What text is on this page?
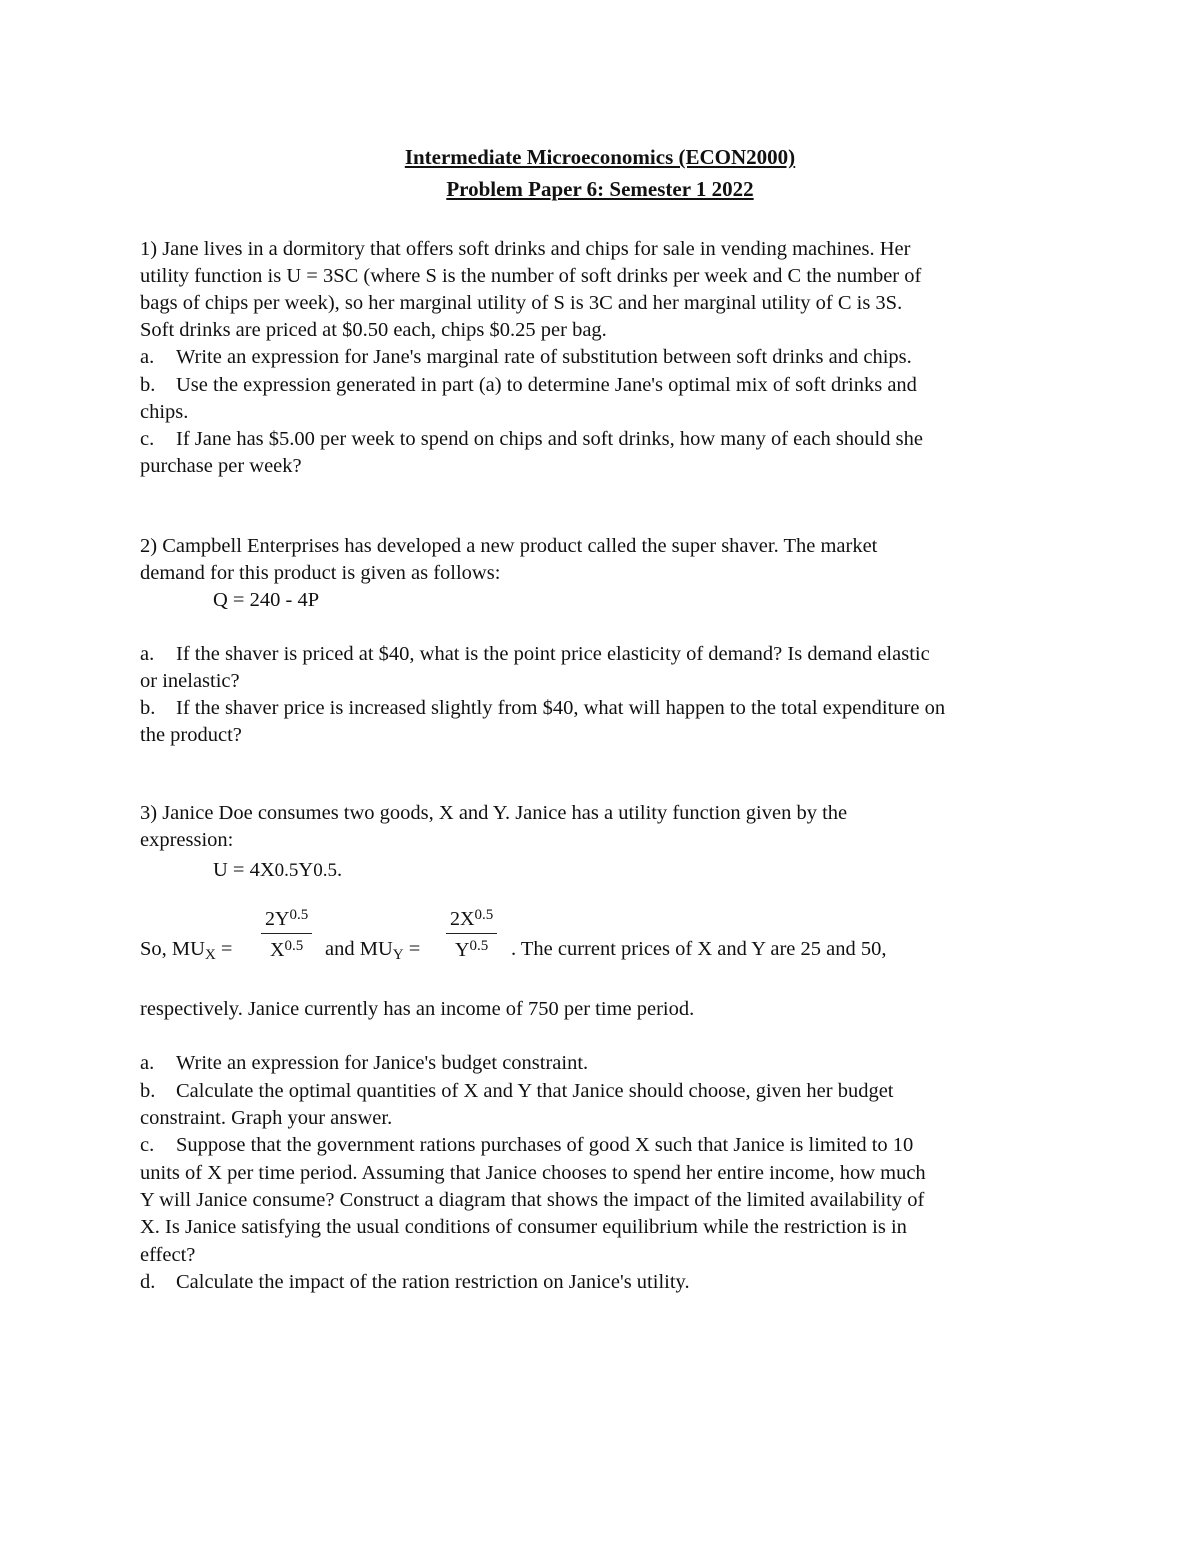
Intermediate Microeconomics (ECON2000)
Problem Paper 6: Semester 1 2022
1) Jane lives in a dormitory that offers soft drinks and chips for sale in vending machines. Her
utility function is U = 3SC (where S is the number of soft drinks per week and C the number of
bags of chips per week), so her marginal utility of S is 3C and her marginal utility of C is 3S.
Soft drinks are priced at $0.50 each, chips $0.25 per bag.
a. Write an expression for Jane's marginal rate of substitution between soft drinks and chips.
b. Use the expression generated in part (a) to determine Jane's optimal mix of soft drinks and
chips.
c. If Jane has $5.00 per week to spend on chips and soft drinks, how many of each should she
purchase per week?
2) Campbell Enterprises has developed a new product called the super shaver. The market
demand for this product is given as follows:
Q = 240 - 4P
a. If the shaver is priced at $40, what is the point price elasticity of demand? Is demand elastic
or inelastic?
b. If the shaver price is increased slightly from $40, what will happen to the total expenditure on
the product?
3) Janice Doe consumes two goods, X and Y. Janice has a utility function given by the
expression:
U = 4X0.5Y0.5.
So, $MU_X = \frac{2Y^{0.5}}{X^{0.5}}$ and $MU_Y = \frac{2X^{0.5}}{Y^{0.5}}$ . The current prices of X and Y are 25 and 50,
respectively. Janice currently has an income of 750 per time period.
a. Write an expression for Janice's budget constraint.
b. Calculate the optimal quantities of X and Y that Janice should choose, given her budget
constraint. Graph your answer.
c. Suppose that the government rations purchases of good X such that Janice is limited to 10
units of X per time period. Assuming that Janice chooses to spend her entire income, how much
Y will Janice consume? Construct a diagram that shows the impact of the limited availability of
X. Is Janice satisfying the usual conditions of consumer equilibrium while the restriction is in
effect?
d. Calculate the impact of the ration restriction on Janice's utility.
